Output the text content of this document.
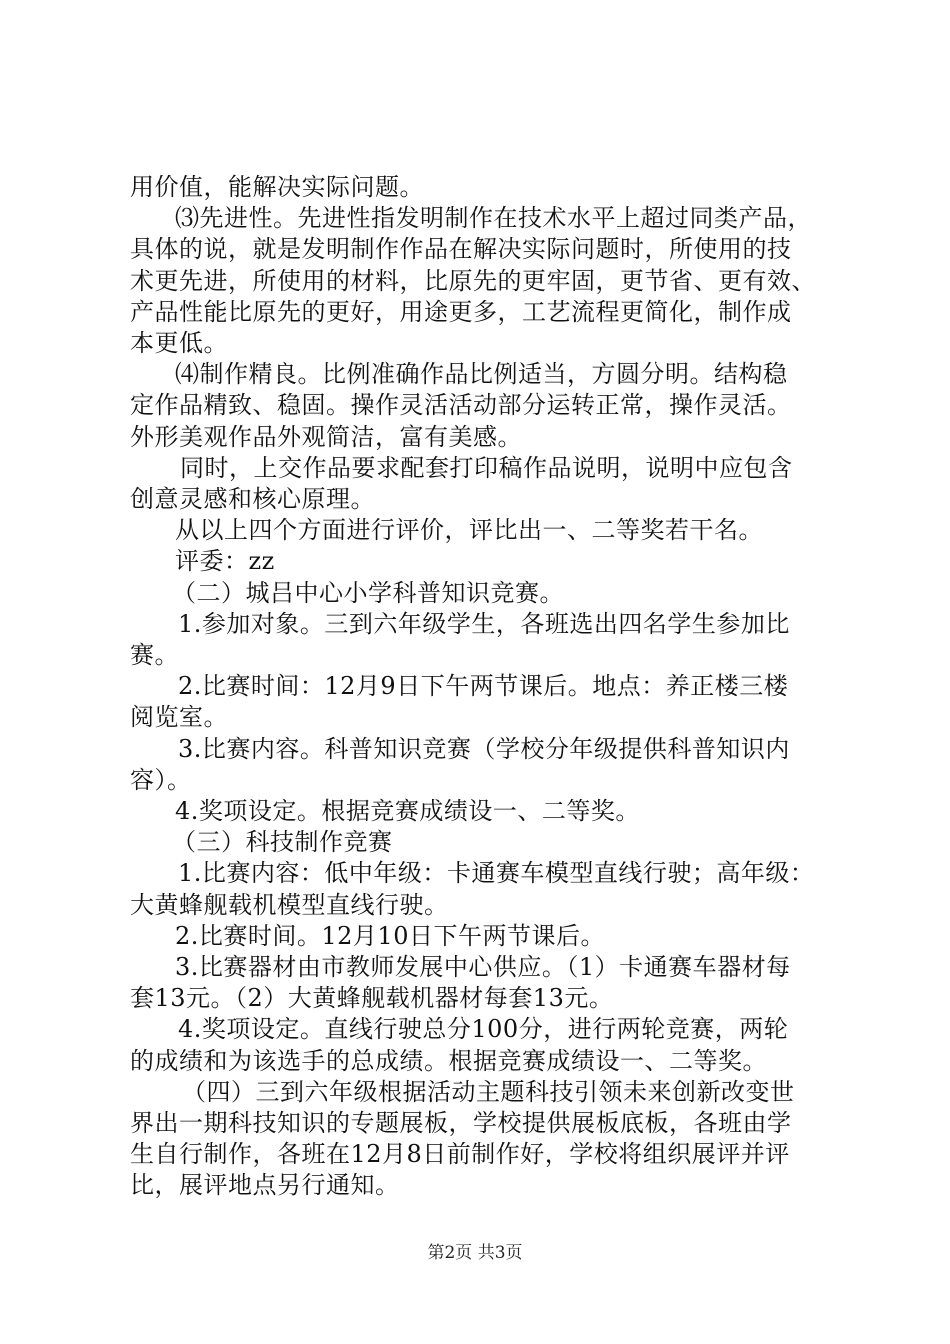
用价值，能解决实际问题。
⑶先进性。先进性指发明制作在技术水平上超过同类产品，
具体的说，就是发明制作作品在解决实际问题时，所使用的技
术更先进，所使用的材料，比原先的更牢固，更节省、更有效、
产品性能比原先的更好，用途更多，工艺流程更简化，制作成
本更低。
⑷制作精良。比例准确作品比例适当，方圆分明。结构稳
定作品精致、稳固。操作灵活活动部分运转正常，操作灵活。
外形美观作品外观简洁，富有美感。
同时，上交作品要求配套打印稿作品说明，说明中应包含
创意灵感和核心原理。
从以上四个方面进行评价，评比出一、二等奖若干名。
评委：zz
（二）城吕中心小学科普知识竞赛。
1.参加对象。三到六年级学生，各班选出四名学生参加比
赛。
2.比赛时间：12月9日下午两节课后。地点：养正楼三楼
阅览室。
3.比赛内容。科普知识竞赛（学校分年级提供科普知识内
容）。
4.奖项设定。根据竞赛成绩设一、二等奖。
（三）科技制作竞赛
1.比赛内容：低中年级：卡通赛车模型直线行驶；高年级：
大黄蜂舰载机模型直线行驶。
2.比赛时间。12月10日下午两节课后。
3.比赛器材由市教师发展中心供应。（1）卡通赛车器材每
套13元。（2）大黄蜂舰载机器材每套13元。
4.奖项设定。直线行驶总分100分，进行两轮竞赛，两轮
的成绩和为该选手的总成绩。根据竞赛成绩设一、二等奖。
（四）三到六年级根据活动主题科技引领未来创新改变世
界出一期科技知识的专题展板，学校提供展板底板，各班由学
生自行制作，各班在12月8日前制作好，学校将组织展评并评
比，展评地点另行通知。
第2页 共3页
